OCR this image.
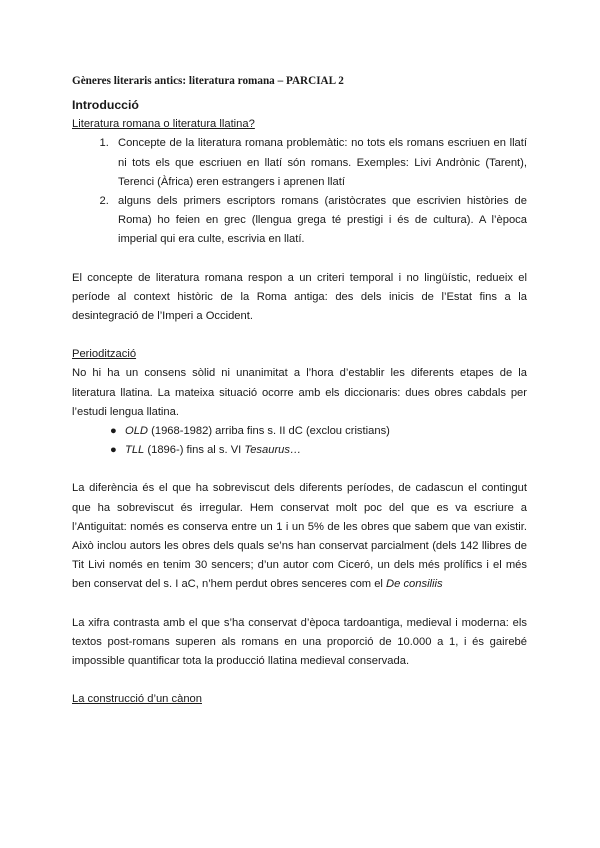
Gèneres literaris antics: literatura romana – PARCIAL 2
Introducció
Literatura romana o literatura llatina?
1. Concepte de la literatura romana problemàtic: no tots els romans escriuen en llatí ni tots els que escriuen en llatí són romans. Exemples: Livi Andrònic (Tarent), Terenci (Àfrica) eren estrangers i aprenen llatí
2. alguns dels primers escriptors romans (aristòcrates que escrivien històries de Roma) ho feien en grec (llengua grega té prestigi i és de cultura). A l’època imperial qui era culte, escrivia en llatí.
El concepte de literatura romana respon a un criteri temporal i no lingüístic, redueix el període al context històric de la Roma antiga: des dels inicis de l’Estat fins a la desintegració de l’Imperi a Occident.
Periodització
No hi ha un consens sòlid ni unanimitat a l’hora d’establir les diferents etapes de la literatura llatina. La mateixa situació ocorre amb els diccionaris: dues obres cabdals per l’estudi lengua llatina.
● OLD (1968-1982) arriba fins s. II dC (exclou cristians)
● TLL (1896-) fins al s. VI Tesaurus…
La diferència és el que ha sobreviscut dels diferents períodes, de cadascun el contingut que ha sobreviscut és irregular. Hem conservat molt poc del que es va escriure a l’Antiguitat: només es conserva entre un 1 i un 5% de les obres que sabem que van existir. Això inclou autors les obres dels quals se’ns han conservat parcialment (dels 142 llibres de Tit Livi només en tenim 30 sencers; d’un autor com Ciceró, un dels més prolífics i el més ben conservat del s. I aC, n’hem perdut obres senceres com el De consiliis
La xifra contrasta amb el que s’ha conservat d’època tardoantiga, medieval i moderna: els textos post-romans superen als romans en una proporció de 10.000 a 1, i és gairebé impossible quantificar tota la producció llatina medieval conservada.
La construcció d’un cànon
